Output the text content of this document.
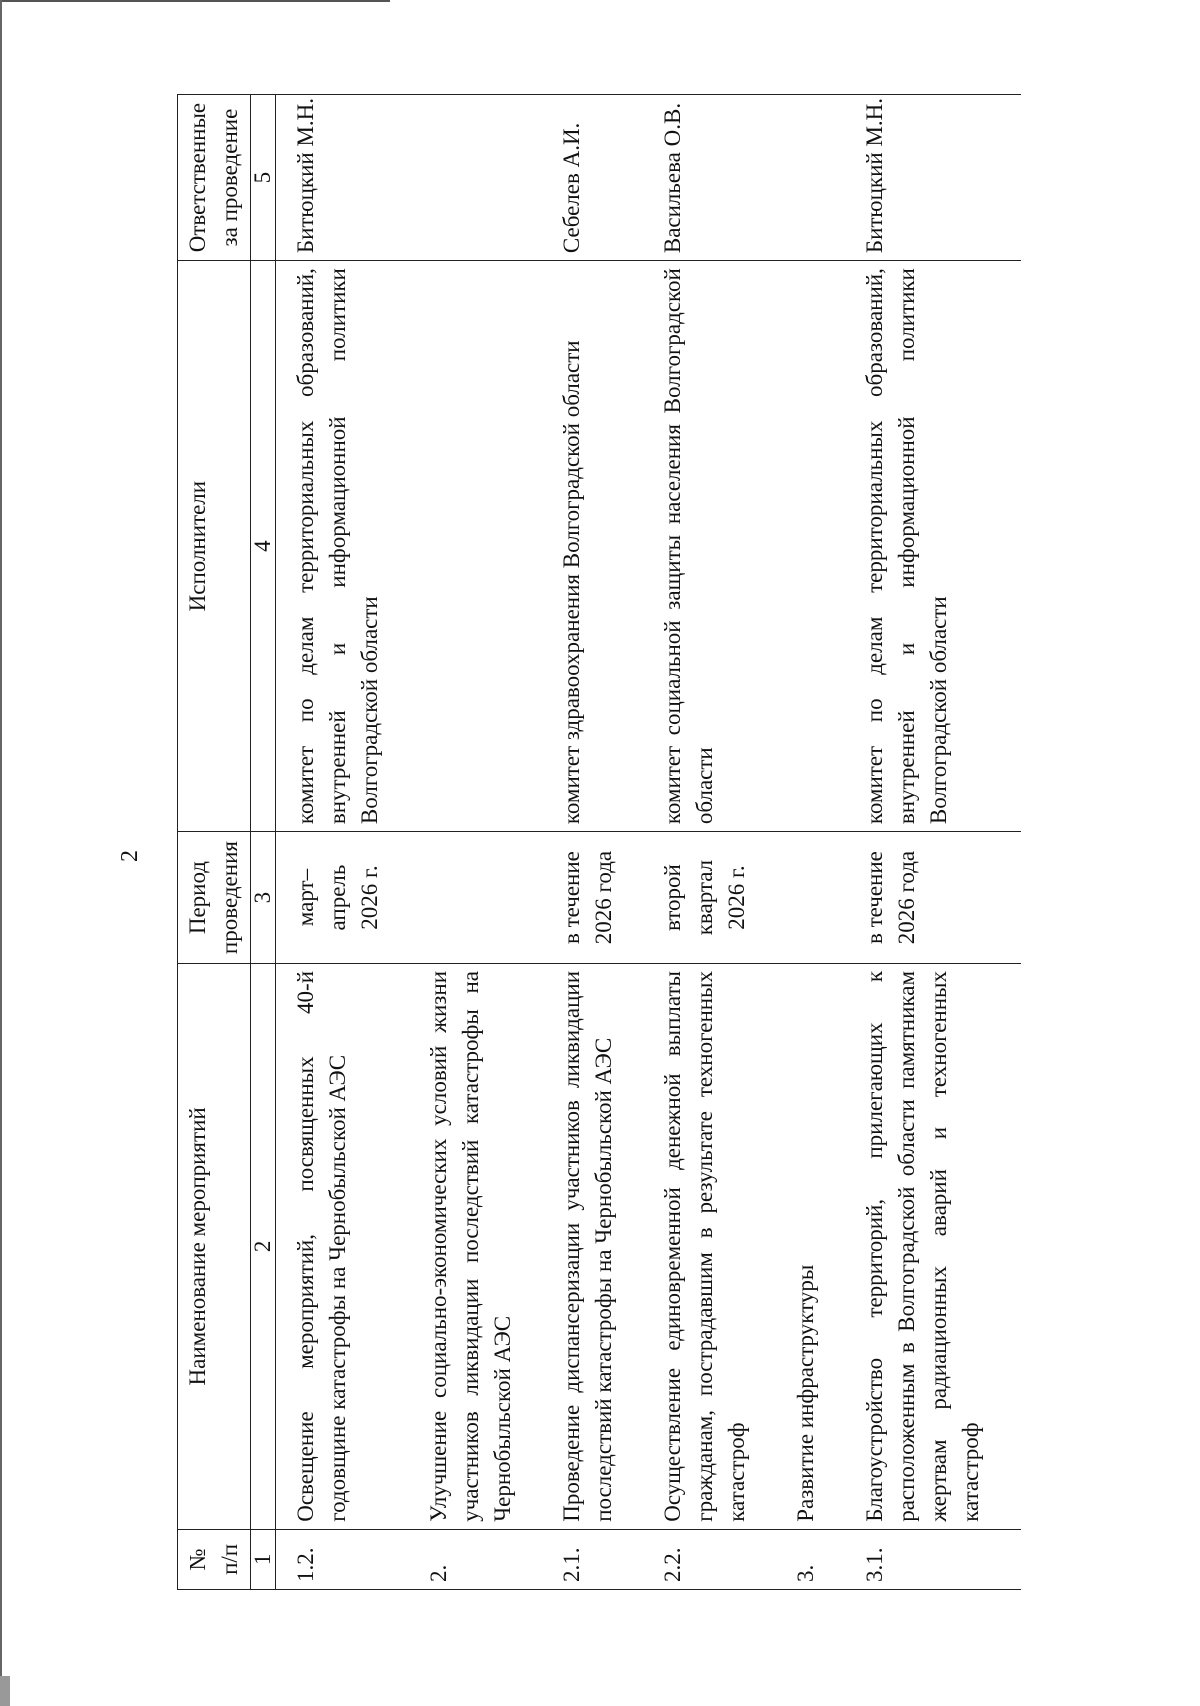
2
№ п/п	Наименование мероприятий	Период проведения	Исполнители	Ответственные за проведение
1	2	3	4	5
1.2.	Освещение мероприятий, посвященных 40-й годовщине катастрофы на Чернобыльской АЭС	март–апрель 2026 г.	комитет по делам территориальных образований, внутренней и информационной политики Волгоградской области	Битюцкий М.Н.
2.	Улучшение социально-экономических условий жизни участников ликвидации последствий катастрофы на Чернобыльской АЭС			
2.1.	Проведение диспансеризации участников ликвидации последствий катастрофы на Чернобыльской АЭС	в течение 2026 года	комитет здравоохранения Волгоградской области	Себелев А.И.
2.2.	Осуществление единовременной денежной выплаты гражданам, пострадавшим в результате техногенных катастроф	второй квартал 2026 г.	комитет социальной защиты населения Волгоградской области	Васильева О.В.
3.	Развитие инфраструктуры			
3.1.	Благоустройство территорий, прилегающих к расположенным в Волгоградской области памятникам жертвам радиационных аварий и техногенных катастроф	в течение 2026 года	комитет по делам территориальных образований, внутренней и информационной политики Волгоградской области	Битюцкий М.Н.
